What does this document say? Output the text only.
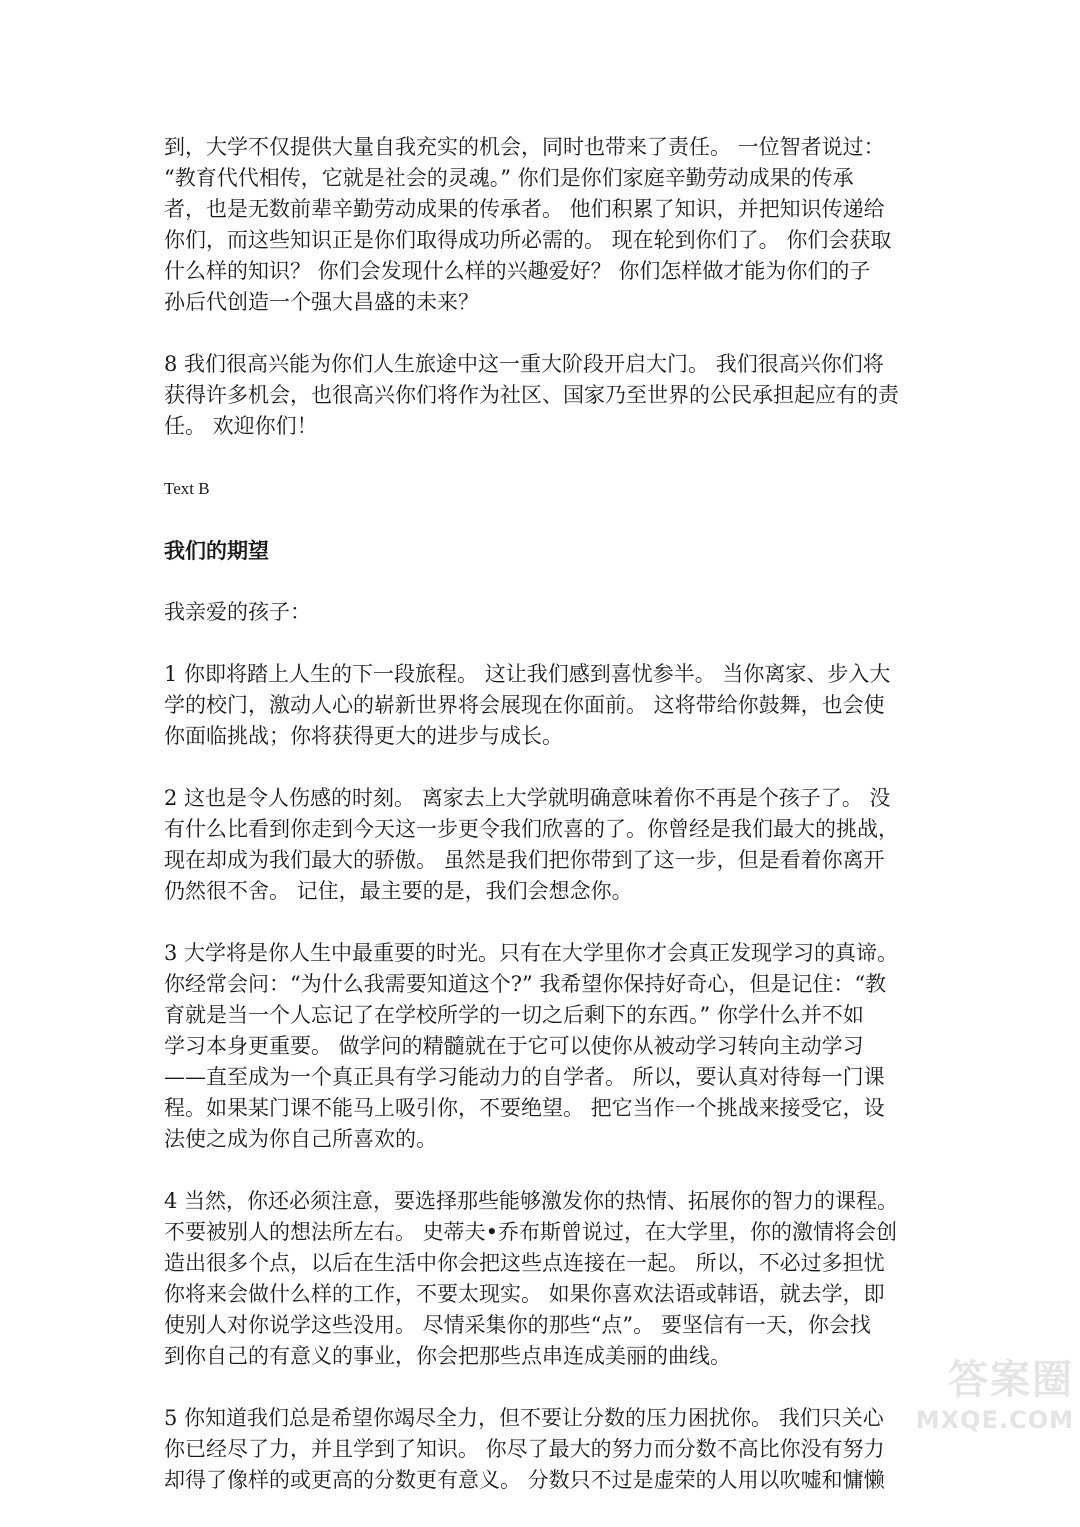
到，大学不仅提供大量自我充实的机会，同时也带来了责任。 一位智者说过：
“教育代代相传，它就是社会的灵魂。” 你们是你们家庭辛勤劳动成果的传承
者，也是无数前辈辛勤劳动成果的传承者。 他们积累了知识，并把知识传递给
你们，而这些知识正是你们取得成功所必需的。 现在轮到你们了。 你们会获取
什么样的知识？ 你们会发现什么样的兴趣爱好？ 你们怎样做才能为你们的子
孙后代创造一个强大昌盛的未来？
8 我们很高兴能为你们人生旅途中这一重大阶段开启大门。 我们很高兴你们将
获得许多机会，也很高兴你们将作为社区、国家乃至世界的公民承担起应有的责
任。 欢迎你们！
Text B
我们的期望
我亲爱的孩子：
1 你即将踏上人生的下一段旅程。 这让我们感到喜忧参半。 当你离家、步入大
学的校门，激动人心的崭新世界将会展现在你面前。 这将带给你鼓舞，也会使
你面临挑战；你将获得更大的进步与成长。
2 这也是令人伤感的时刻。 离家去上大学就明确意味着你不再是个孩子了。 没
有什么比看到你走到今天这一步更令我们欣喜的了。你曾经是我们最大的挑战，
现在却成为我们最大的骄傲。 虽然是我们把你带到了这一步，但是看着你离开
仍然很不舍。 记住，最主要的是，我们会想念你。
3 大学将是你人生中最重要的时光。只有在大学里你才会真正发现学习的真谛。
你经常会问：“为什么我需要知道这个?” 我希望你保持好奇心，但是记住：“教
育就是当一个人忘记了在学校所学的一切之后剩下的东西。” 你学什么并不如
学习本身更重要。 做学问的精髓就在于它可以使你从被动学习转向主动学习
——直至成为一个真正具有学习能动力的自学者。 所以，要认真对待每一门课
程。如果某门课不能马上吸引你，不要绝望。 把它当作一个挑战来接受它，设
法使之成为你自己所喜欢的。
4 当然，你还必须注意，要选择那些能够激发你的热情、拓展你的智力的课程。
不要被别人的想法所左右。 史蒂夫•乔布斯曾说过，在大学里，你的激情将会创
造出很多个点，以后在生活中你会把这些点连接在一起。 所以，不必过多担忧
你将来会做什么样的工作，不要太现实。 如果你喜欢法语或韩语，就去学，即
使别人对你说学这些没用。 尽情采集你的那些“点”。 要坚信有一天，你会找
到你自己的有意义的事业，你会把那些点串连成美丽的曲线。
5 你知道我们总是希望你竭尽全力，但不要让分数的压力困扰你。 我们只关心
你已经尽了力，并且学到了知识。 你尽了最大的努力而分数不高比你没有努力
却得了像样的或更高的分数更有意义。 分数只不过是虚荣的人用以吹嘘和慵懒
答案圈
MXQE.COM
